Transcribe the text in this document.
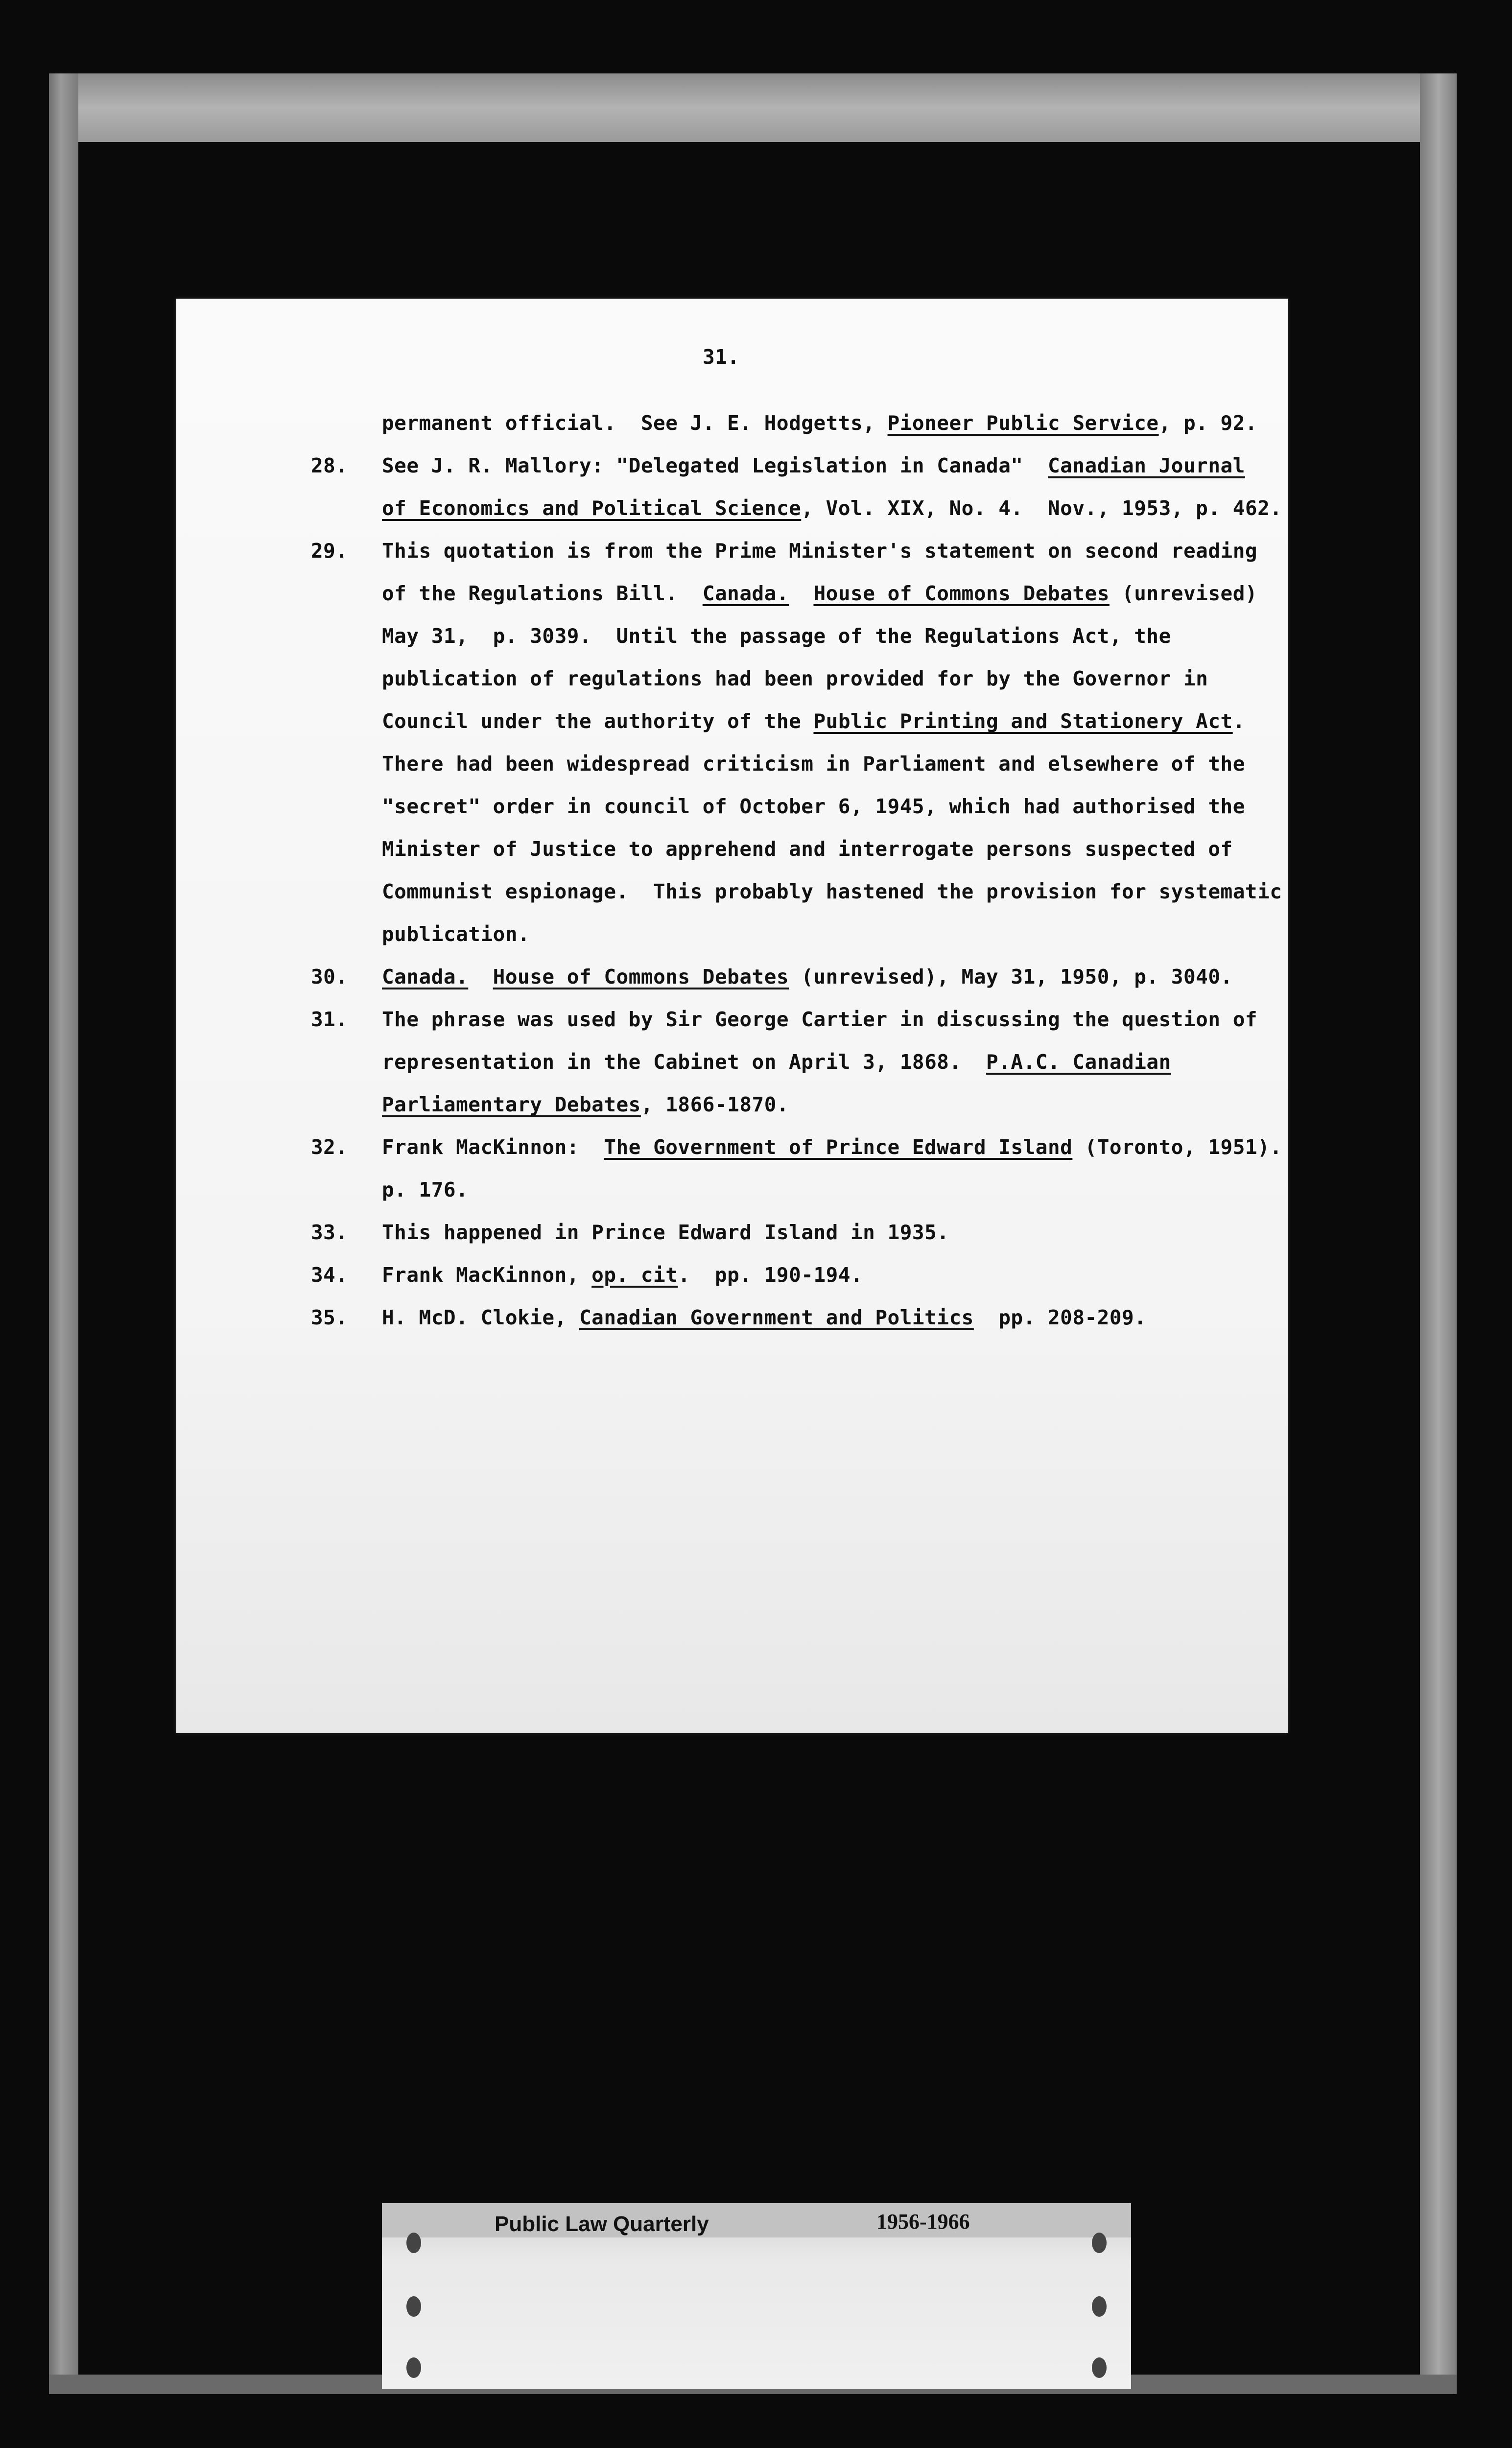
31.
permanent official.  See J. E. Hodgetts, Pioneer Public Service, p. 92.
28. See J. R. Mallory: "Delegated Legislation in Canada"  Canadian Journal
of Economics and Political Science, Vol. XIX, No. 4.  Nov., 1953, p. 462.
29. This quotation is from the Prime Minister's statement on second reading
of the Regulations Bill.  Canada. House of Commons Debates (unrevised)
May 31,  p. 3039.  Until the passage of the Regulations Act, the
publication of regulations had been provided for by the Governor in
Council under the authority of the Public Printing and Stationery Act.
There had been widespread criticism in Parliament and elsewhere of the
"secret" order in council of October 6, 1945, which had authorised the
Minister of Justice to apprehend and interrogate persons suspected of
Communist espionage.  This probably hastened the provision for systematic
publication.
30. Canada. House of Commons Debates (unrevised), May 31, 1950, p. 3040.
31. The phrase was used by Sir George Cartier in discussing the question of
representation in the Cabinet on April 3, 1868.  P.A.C. Canadian
Parliamentary Debates, 1866-1870.
32. Frank MacKinnon:  The Government of Prince Edward Island (Toronto, 1951).
p. 176.
33. This happened in Prince Edward Island in 1935.
34. Frank MacKinnon, op. cit.  pp. 190-194.
35. H. McD. Clokie, Canadian Government and Politics  pp. 208-209.
Public Law Quarterly	1956-1966
